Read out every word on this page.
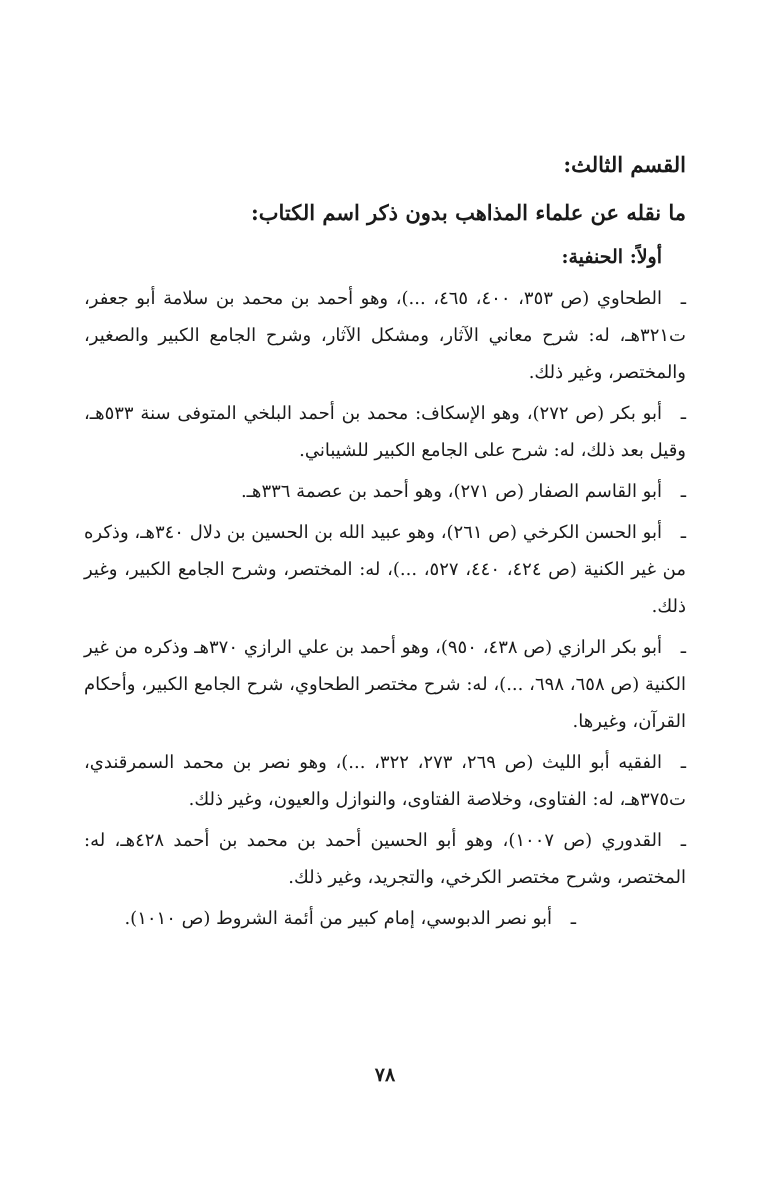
القسم الثالث:
ما نقله عن علماء المذاهب بدون ذكر اسم الكتاب:
أولاً: الحنفية:
ـالطحاوي (ص ٣٥٣، ٤٠٠، ٤٦٥، ...)، وهو أحمد بن محمد بن سلامة أبو جعفر، ت٣٢١هـ، له: شرح معاني الآثار، ومشكل الآثار، وشرح الجامع الكبير والصغير، والمختصر، وغير ذلك.
ـأبو بكر (ص ٢٧٢)، وهو الإسكاف: محمد بن أحمد البلخي المتوفى سنة ٥٣٣هـ، وقيل بعد ذلك، له: شرح على الجامع الكبير للشيباني.
ـأبو القاسم الصفار (ص ٢٧١)، وهو أحمد بن عصمة ٣٣٦هـ.
ـأبو الحسن الكرخي (ص ٢٦١)، وهو عبيد الله بن الحسين بن دلال ٣٤٠هـ، وذكره من غير الكنية (ص ٤٢٤، ٤٤٠، ٥٢٧، ...)، له: المختصر، وشرح الجامع الكبير، وغير ذلك.
ـأبو بكر الرازي (ص ٤٣٨، ٩٥٠)، وهو أحمد بن علي الرازي ٣٧٠هـ وذكره من غير الكنية (ص ٦٥٨، ٦٩٨، ...)، له: شرح مختصر الطحاوي، شرح الجامع الكبير، وأحكام القرآن، وغيرها.
ـالفقيه أبو الليث (ص ٢٦٩، ٢٧٣، ٣٢٢، ...)، وهو نصر بن محمد السمرقندي، ت٣٧٥هـ، له: الفتاوى، وخلاصة الفتاوى، والنوازل والعيون، وغير ذلك.
ـالقدوري (ص ١٠٠٧)، وهو أبو الحسين أحمد بن محمد بن أحمد ٤٢٨هـ، له: المختصر، وشرح مختصر الكرخي، والتجريد، وغير ذلك.
ـأبو نصر الدبوسي، إمام كبير من أئمة الشروط (ص ١٠١٠).
٧٨
